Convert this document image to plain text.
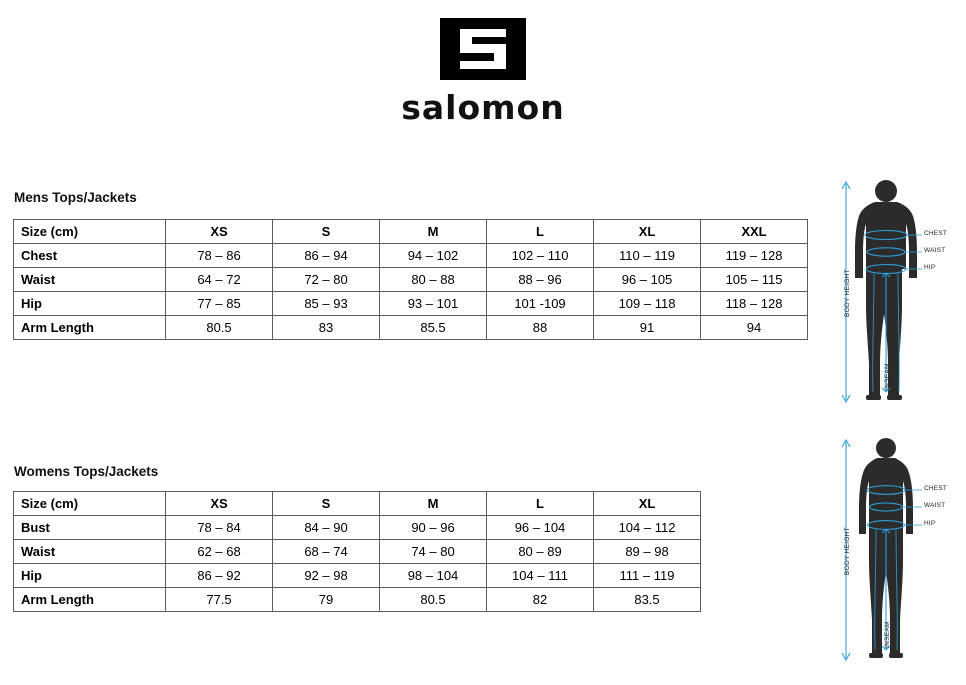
salomon
Mens Tops/Jackets
Size (cm)	XS	S	M	L	XL	XXL
Chest	78 – 86	86 – 94	94 – 102	102 – 110	110 – 119	119 – 128
Waist	64 – 72	72 – 80	80 – 88	88 – 96	96 – 105	105 – 115
Hip	77 – 85	85 – 93	93 – 101	101 -109	109 – 118	118 – 128
Arm Length	80.5	83	85.5	88	91	94
CHEST
WAIST
HIP
BODY HEIGHT
INSEAM
Womens Tops/Jackets
Size (cm)	XS	S	M	L	XL
Bust	78 – 84	84 – 90	90 – 96	96 – 104	104 – 112
Waist	62 – 68	68 – 74	74 – 80	80 – 89	89 – 98
Hip	86 – 92	92 – 98	98 – 104	104 – 111	111 – 119
Arm Length	77.5	79	80.5	82	83.5
CHEST
WAIST
HIP
BODY HEIGHT
INSEAM
